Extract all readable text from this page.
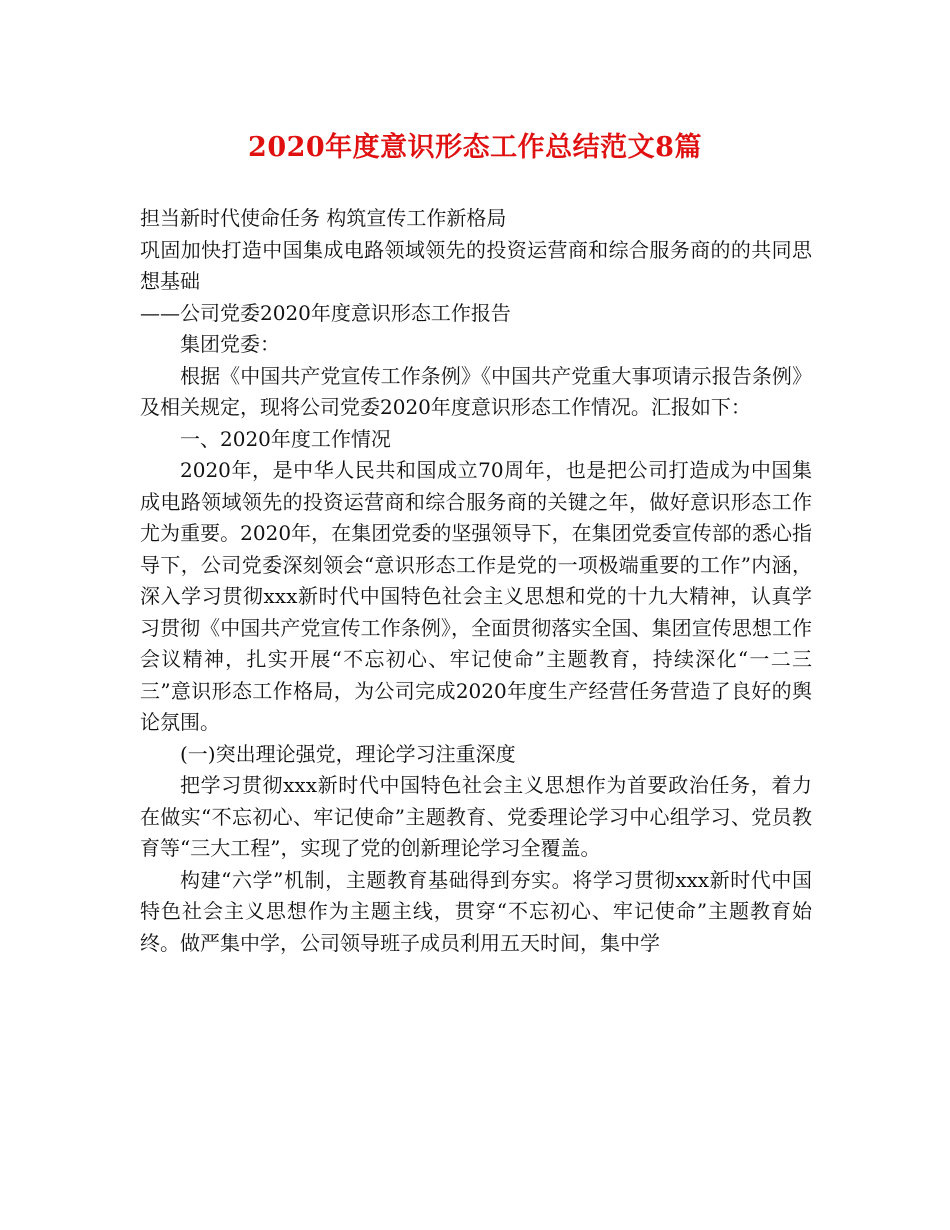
2020年度意识形态工作总结范文8篇

担当新时代使命任务 构筑宣传工作新格局

巩固加快打造中国集成电路领域领先的投资运营商和综合服务商的的共同思想基础

——公司党委2020年度意识形态工作报告

集团党委：

根据《中国共产党宣传工作条例》《中国共产党重大事项请示报告条例》及相关规定，现将公司党委2020年度意识形态工作情况。汇报如下：

一、2020年度工作情况

2020年，是中华人民共和国成立70周年，也是把公司打造成为中国集成电路领域领先的投资运营商和综合服务商的关键之年，做好意识形态工作尤为重要。2020年，在集团党委的坚强领导下，在集团党委宣传部的悉心指导下，公司党委深刻领会“意识形态工作是党的一项极端重要的工作”内涵，深入学习贯彻xxx新时代中国特色社会主义思想和党的十九大精神，认真学习贯彻《中国共产党宣传工作条例》，全面贯彻落实全国、集团宣传思想工作会议精神，扎实开展“不忘初心、牢记使命”主题教育，持续深化“一二三三”意识形态工作格局，为公司完成2020年度生产经营任务营造了良好的舆论氛围。

(一)突出理论强党，理论学习注重深度

把学习贯彻xxx新时代中国特色社会主义思想作为首要政治任务，着力在做实“不忘初心、牢记使命”主题教育、党委理论学习中心组学习、党员教育等“三大工程”，实现了党的创新理论学习全覆盖。

构建“六学”机制，主题教育基础得到夯实。将学习贯彻xxx新时代中国特色社会主义思想作为主题主线，贯穿“不忘初心、牢记使命”主题教育始终。做严集中学，公司领导班子成员利用五天时间，集中学
